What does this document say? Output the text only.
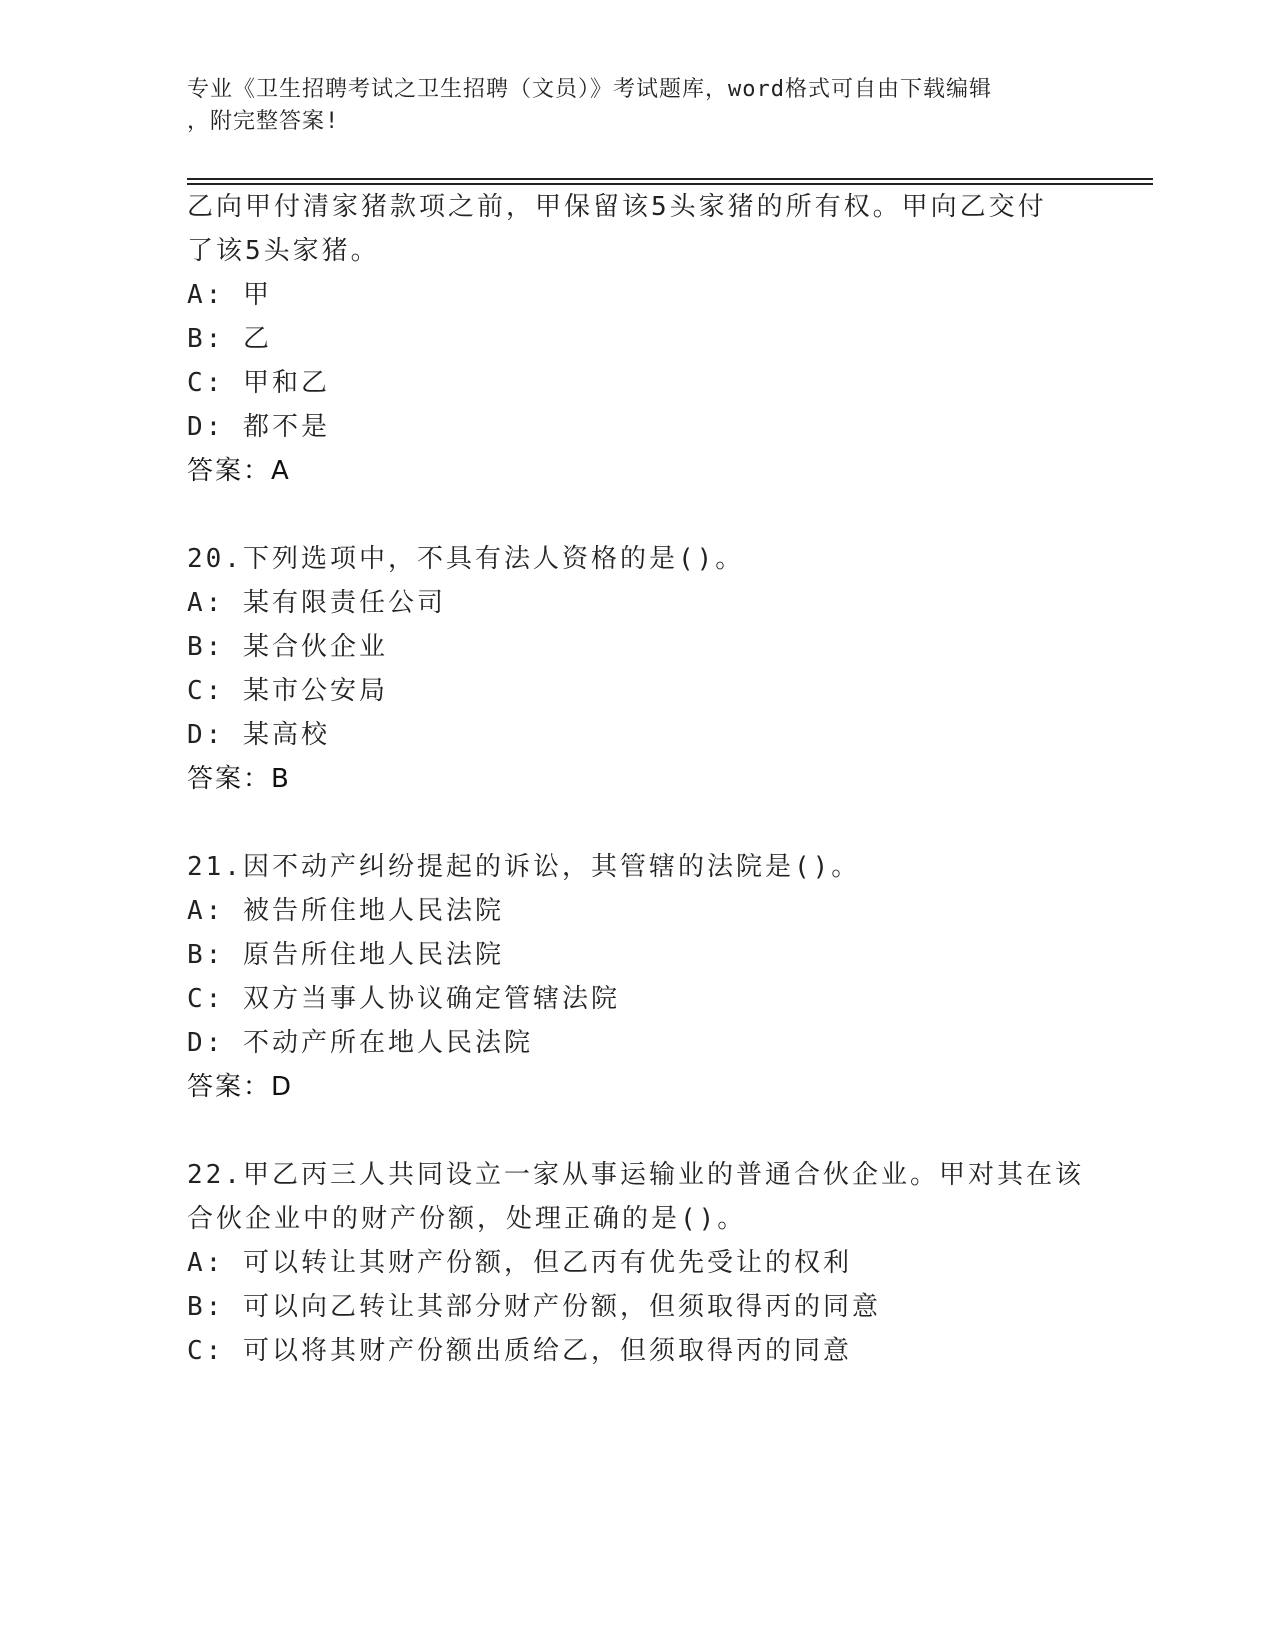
专业《卫生招聘考试之卫生招聘（文员）》考试题库，word格式可自由下载编辑
，附完整答案!
乙向甲付清家猪款项之前，甲保留该5头家猪的所有权。甲向乙交付
了该5头家猪。
A: 甲
B: 乙
C: 甲和乙
D: 都不是
答案：A
20.下列选项中，不具有法人资格的是()。
A: 某有限责任公司
B: 某合伙企业
C: 某市公安局
D: 某高校
答案：B
21.因不动产纠纷提起的诉讼，其管辖的法院是()。
A: 被告所住地人民法院
B: 原告所住地人民法院
C: 双方当事人协议确定管辖法院
D: 不动产所在地人民法院
答案：D
22.甲乙丙三人共同设立一家从事运输业的普通合伙企业。甲对其在该
合伙企业中的财产份额，处理正确的是()。
A: 可以转让其财产份额，但乙丙有优先受让的权利
B: 可以向乙转让其部分财产份额，但须取得丙的同意
C: 可以将其财产份额出质给乙，但须取得丙的同意
